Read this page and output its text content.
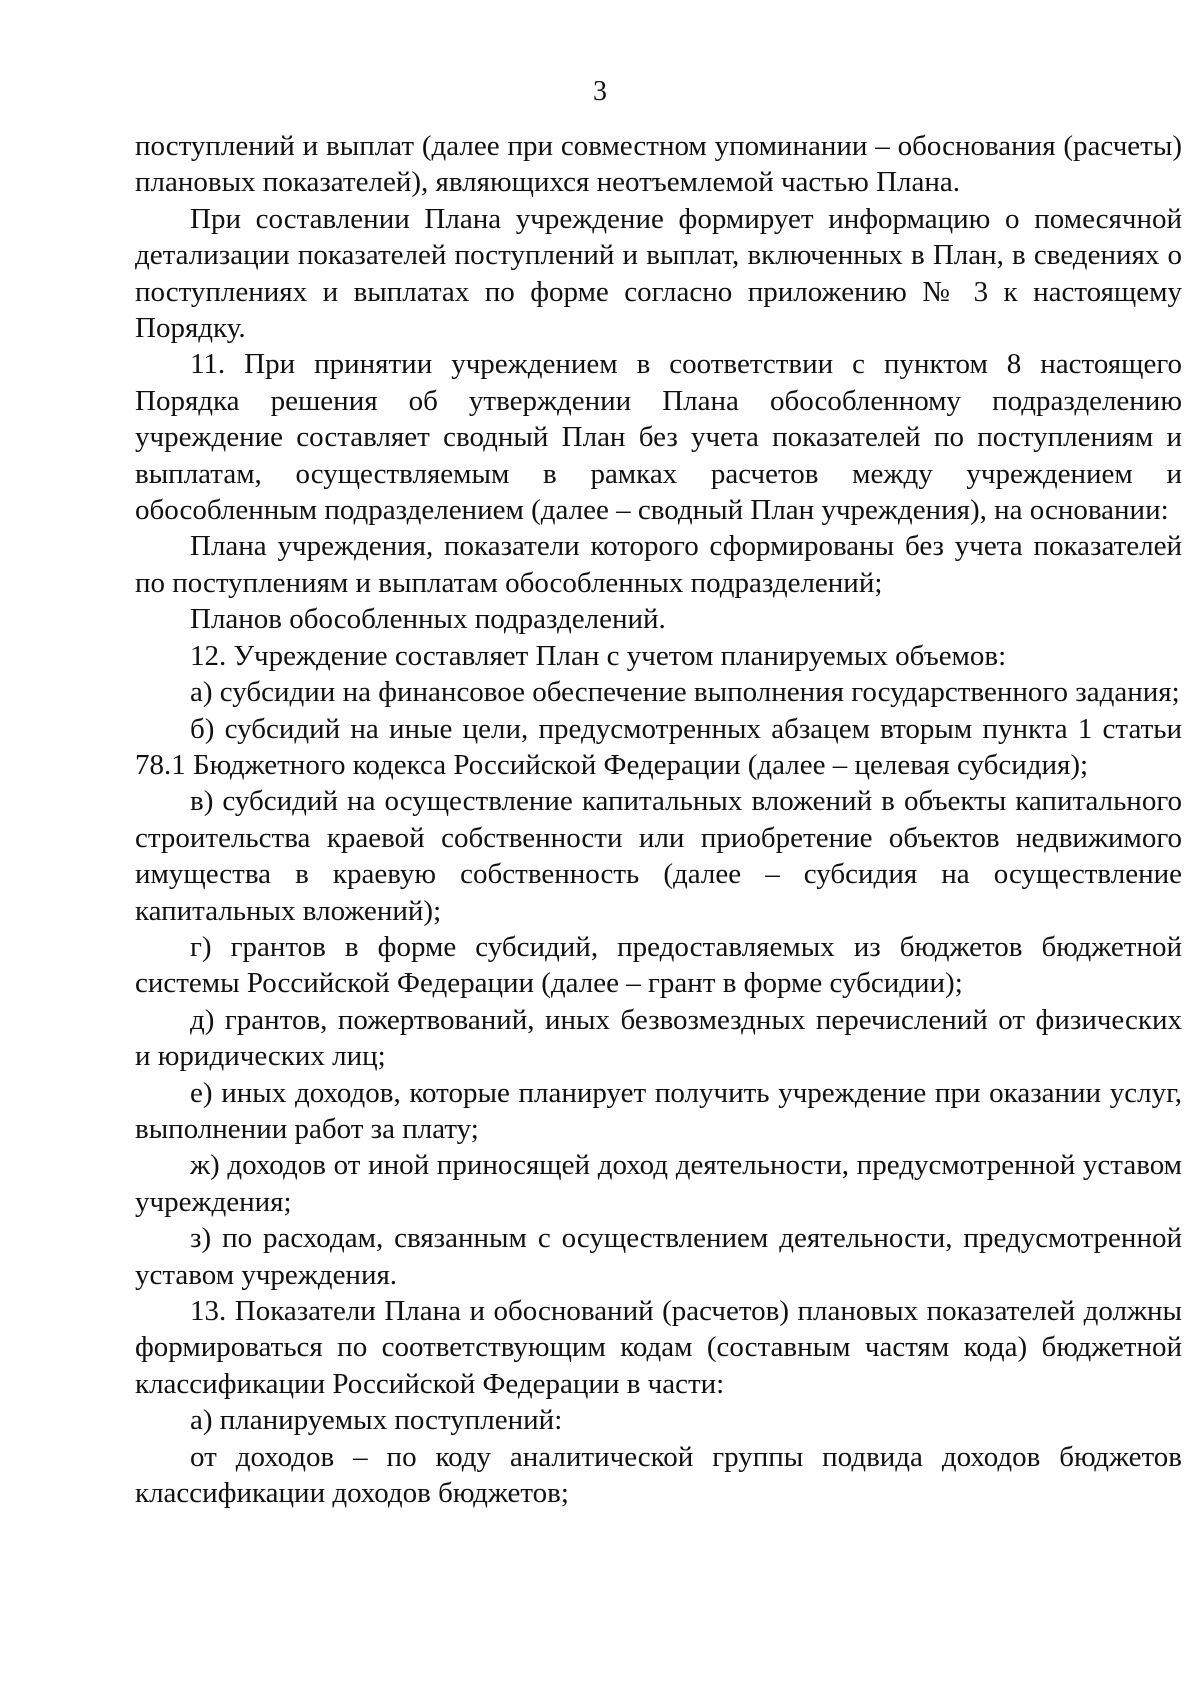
3

поступлений и выплат (далее при совместном упоминании – обоснования (расчеты) плановых показателей), являющихся неотъемлемой частью Плана.

При составлении Плана учреждение формирует информацию о помесячной детализации показателей поступлений и выплат, включенных в План, в сведениях о поступлениях и выплатах по форме согласно приложению № 3 к настоящему Порядку.

11. При принятии учреждением в соответствии с пунктом 8 настоящего Порядка решения об утверждении Плана обособленному подразделению учреждение составляет сводный План без учета показателей по поступлениям и выплатам, осуществляемым в рамках расчетов между учреждением и обособленным подразделением (далее – сводный План учреждения), на основании:

Плана учреждения, показатели которого сформированы без учета показателей по поступлениям и выплатам обособленных подразделений;

Планов обособленных подразделений.

12. Учреждение составляет План с учетом планируемых объемов:

а) субсидии на финансовое обеспечение выполнения государственного задания;

б) субсидий на иные цели, предусмотренных абзацем вторым пункта 1 статьи 78.1 Бюджетного кодекса Российской Федерации (далее – целевая субсидия);

в) субсидий на осуществление капитальных вложений в объекты капитального строительства краевой собственности или приобретение объектов недвижимого имущества в краевую собственность (далее – субсидия на осуществление капитальных вложений);

г) грантов в форме субсидий, предоставляемых из бюджетов бюджетной системы Российской Федерации (далее – грант в форме субсидии);

д) грантов, пожертвований, иных безвозмездных перечислений от физических и юридических лиц;

е) иных доходов, которые планирует получить учреждение при оказании услуг, выполнении работ за плату;

ж) доходов от иной приносящей доход деятельности, предусмотренной уставом учреждения;

з) по расходам, связанным с осуществлением деятельности, предусмотренной уставом учреждения.

13. Показатели Плана и обоснований (расчетов) плановых показателей должны формироваться по соответствующим кодам (составным частям кода) бюджетной классификации Российской Федерации в части:

а) планируемых поступлений:

от доходов – по коду аналитической группы подвида доходов бюджетов классификации доходов бюджетов;
